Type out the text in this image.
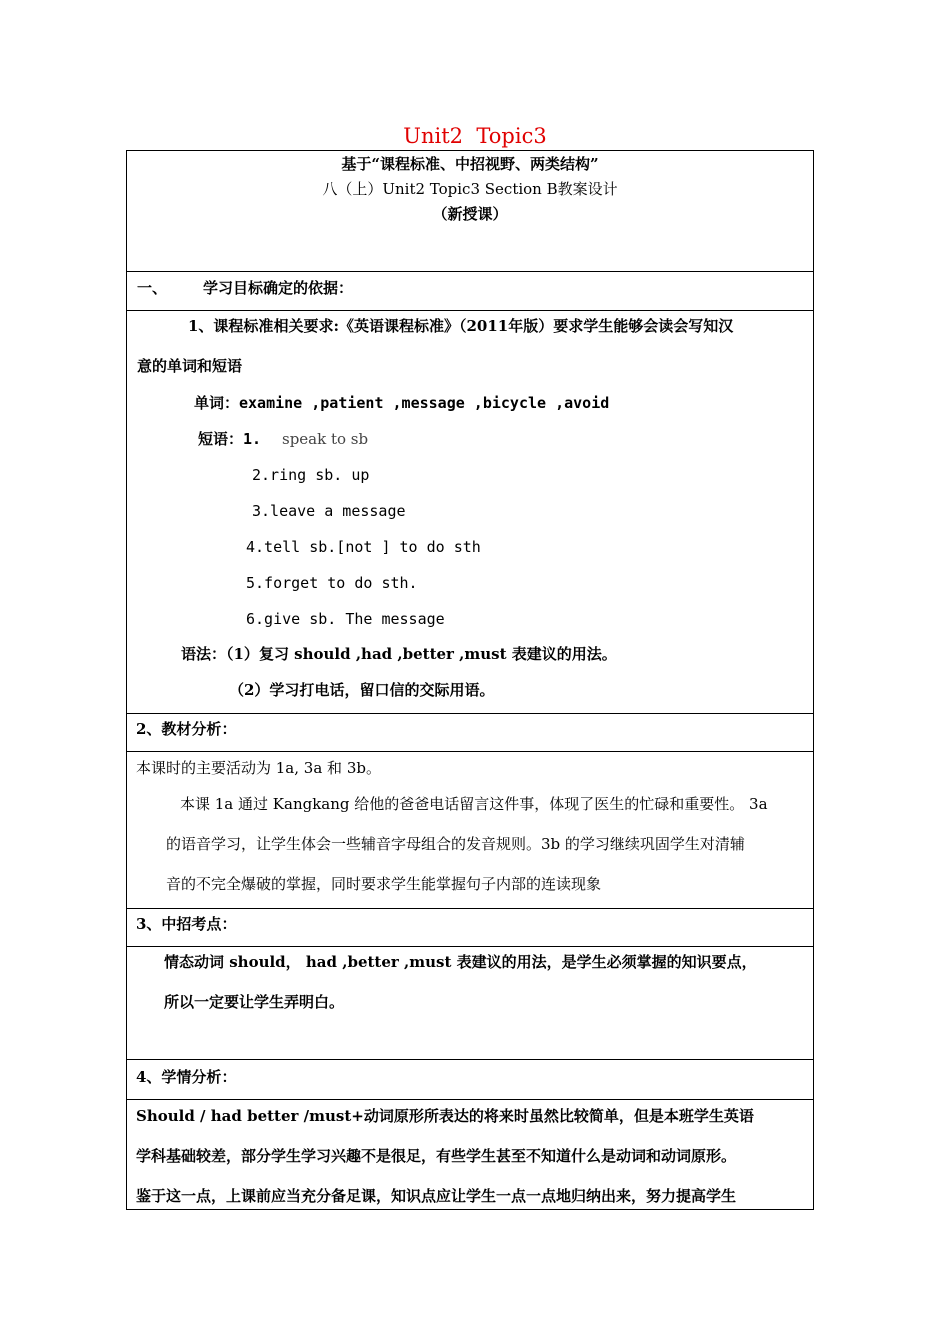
Unit2  Topic3
基于“课程标准、中招视野、两类结构”
八（上）Unit2 Topic3 Section B教案设计
（新授课）
一、 学习目标确定的依据：
1、课程标准相关要求:《英语课程标准》（2011年版）要求学生能够会读会写知汉
意的单词和短语
单词：examine ,patient ,message ,bicycle ,avoid
短语：1. speak to sb
2.ring sb. up
3.leave a message
4.tell sb.[not ] to do sth
5.forget to do sth.
6.give sb. The message
语法：（1）复习 should ,had ,better ,must 表建议的用法。
（2）学习打电话，留口信的交际用语。
2、教材分析：
本课时的主要活动为 1a, 3a 和 3b。
本课 1a 通过 Kangkang 给他的爸爸电话留言这件事，体现了医生的忙碌和重要性。 3a
的语音学习，让学生体会一些辅音字母组合的发音规则。3b 的学习继续巩固学生对清辅
音的不完全爆破的掌握，同时要求学生能掌握句子内部的连读现象
3、中招考点：
情态动词 should， had ,better ,must 表建议的用法，是学生必须掌握的知识要点，
所以一定要让学生弄明白。
4、学情分析：
Should / had better /must+动词原形所表达的将来时虽然比较简单，但是本班学生英语
学科基础较差，部分学生学习兴趣不是很足，有些学生甚至不知道什么是动词和动词原形。
鉴于这一点，上课前应当充分备足课，知识点应让学生一点一点地归纳出来，努力提高学生
